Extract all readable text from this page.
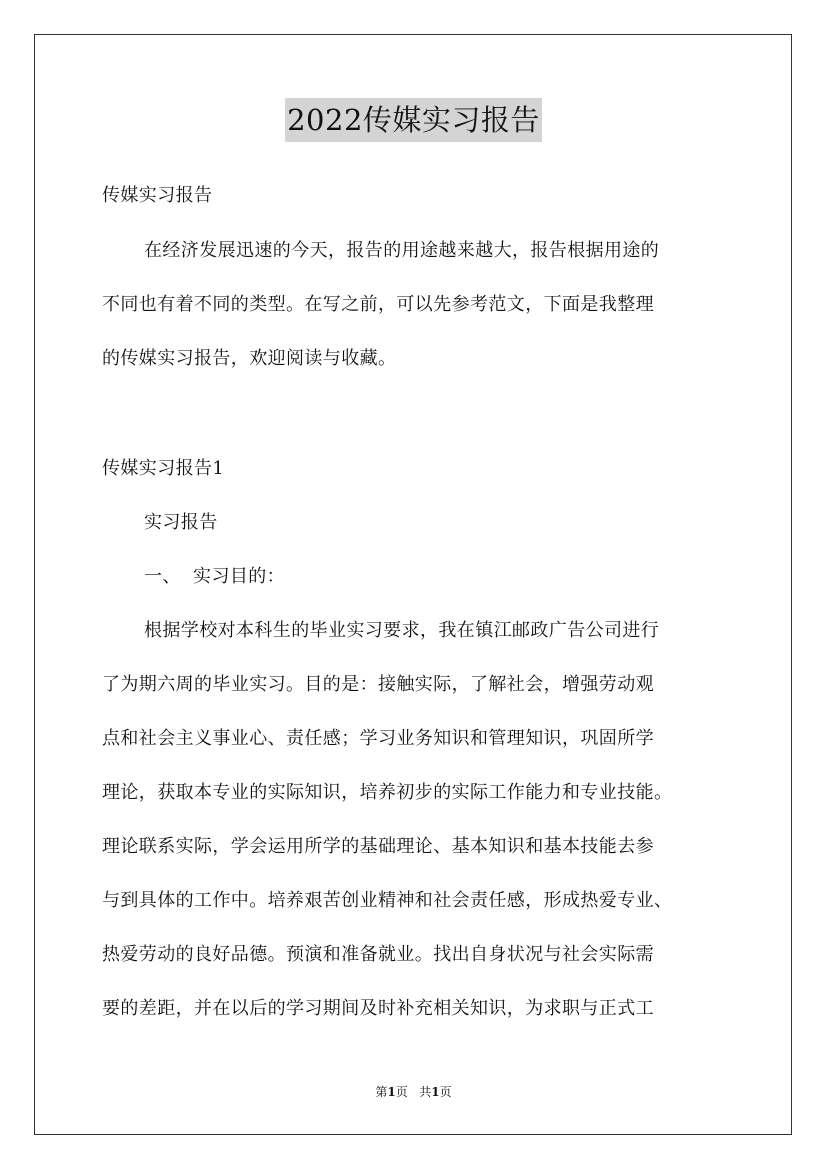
2022传媒实习报告
传媒实习报告
在经济发展迅速的今天，报告的用途越来越大，报告根据用途的
不同也有着不同的类型。在写之前，可以先参考范文，下面是我整理
的传媒实习报告，欢迎阅读与收藏。
传媒实习报告1
实习报告
一、  实习目的：
根据学校对本科生的毕业实习要求，我在镇江邮政广告公司进行
了为期六周的毕业实习。目的是：接触实际，了解社会，增强劳动观
点和社会主义事业心、责任感；学习业务知识和管理知识，巩固所学
理论，获取本专业的实际知识，培养初步的实际工作能力和专业技能。
理论联系实际，学会运用所学的基础理论、基本知识和基本技能去参
与到具体的工作中。培养艰苦创业精神和社会责任感，形成热爱专业、
热爱劳动的良好品德。预演和准备就业。找出自身状况与社会实际需
要的差距，并在以后的学习期间及时补充相关知识，为求职与正式工
第1页 共1页
